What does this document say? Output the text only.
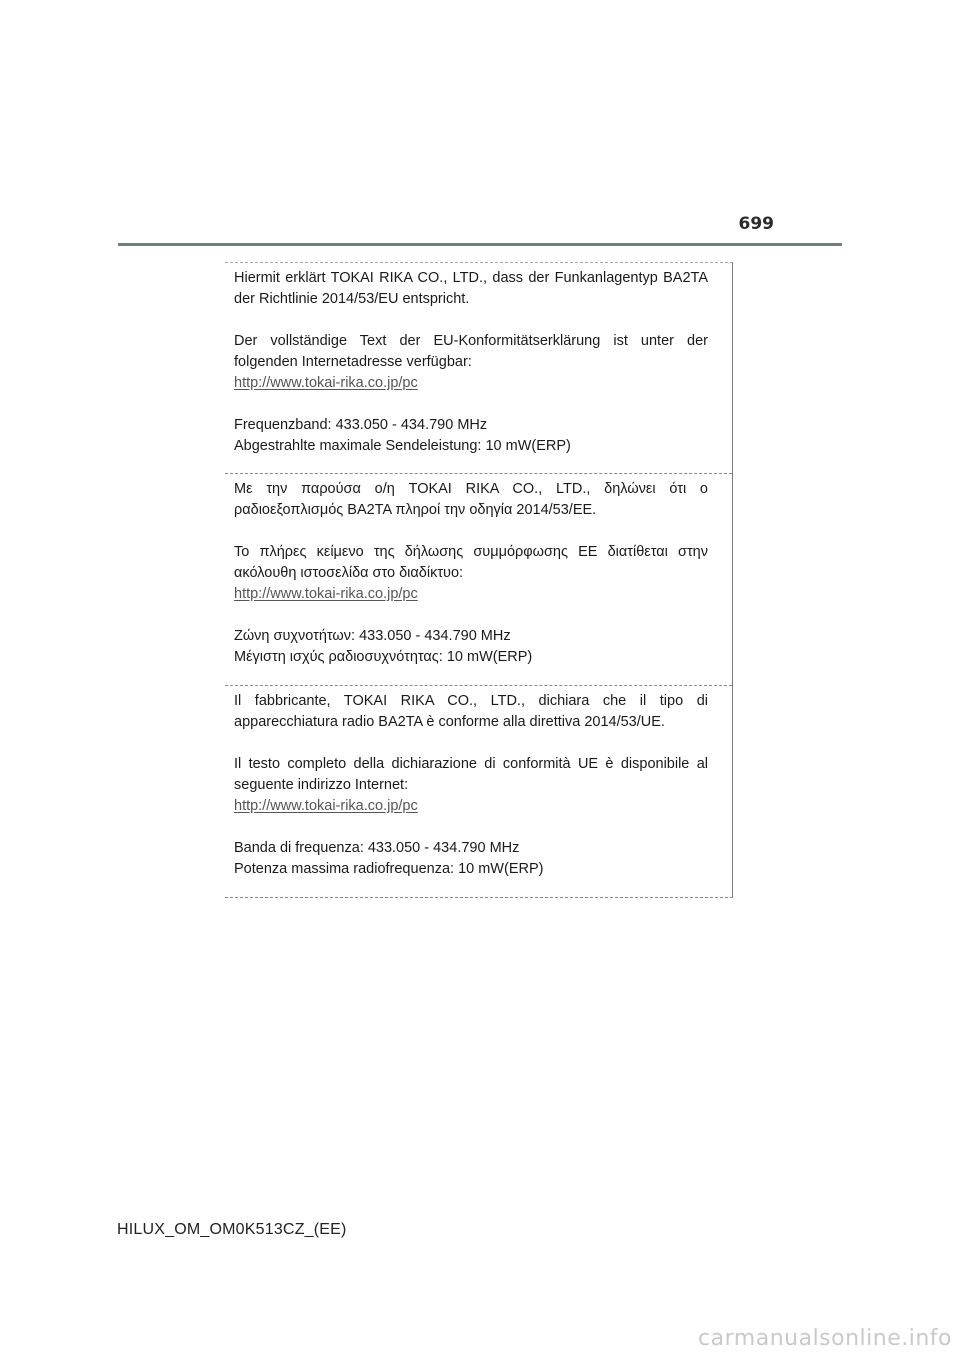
699

Hiermit erklärt TOKAI RIKA CO., LTD., dass der Funkanlagentyp BA2TA der Richtlinie 2014/53/EU entspricht.

Der vollständige Text der EU-Konformitätserklärung ist unter der folgenden Internetadresse verfügbar:

http://www.tokai-rika.co.jp/pc

Frequenzband: 433.050 - 434.790 MHz

Abgestrahlte maximale Sendeleistung: 10 mW(ERP)

Με την παρούσα ο/η TOKAI RIKA CO., LTD., δηλώνει ότι ο ραδιοεξοπλισμός BA2TA πληροί την οδηγία 2014/53/ΕΕ.

Το πλήρες κείμενο της δήλωσης συμμόρφωσης ΕΕ διατίθεται στην ακόλουθη ιστοσελίδα στο διαδίκτυο:

http://www.tokai-rika.co.jp/pc

Ζώνη συχνοτήτων: 433.050 - 434.790 MHz

Μέγιστη ισχύς ραδιοσυχνότητας: 10 mW(ERP)

Il fabbricante, TOKAI RIKA CO., LTD., dichiara che il tipo di apparecchiatura radio BA2TA è conforme alla direttiva 2014/53/UE.

Il testo completo della dichiarazione di conformità UE è disponibile al seguente indirizzo Internet:

http://www.tokai-rika.co.jp/pc

Banda di frequenza: 433.050 - 434.790 MHz

Potenza massima radiofrequenza: 10 mW(ERP)

HILUX_OM_OM0K513CZ_(EE)
carmanualsonline.info
